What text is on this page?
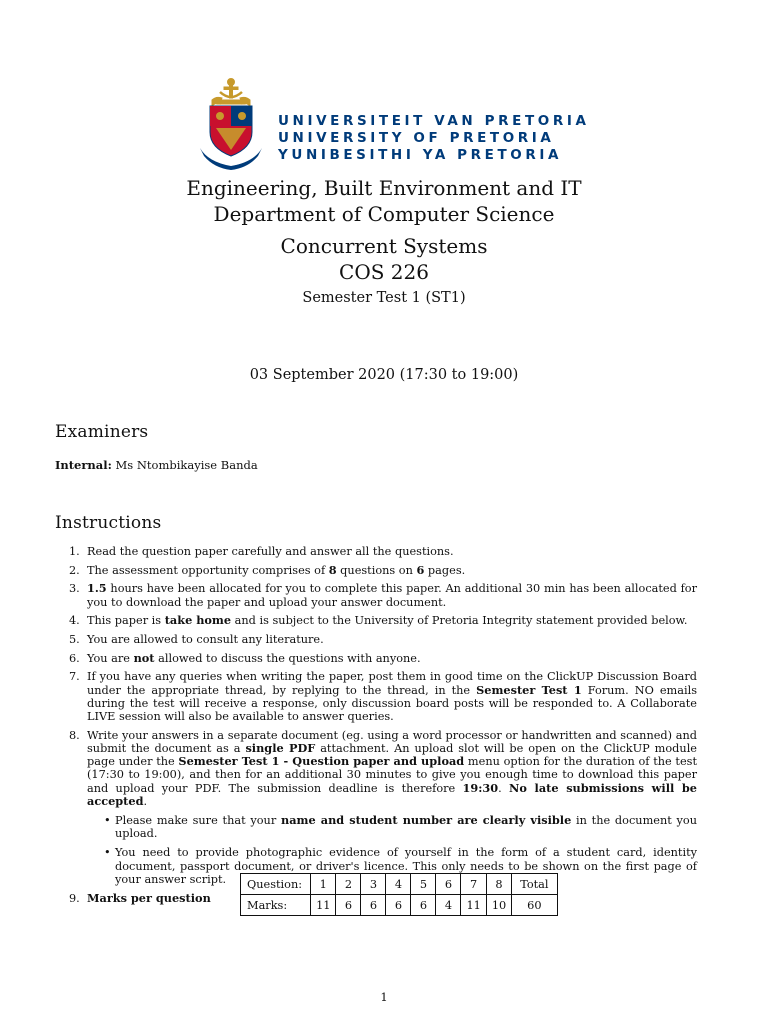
UNIVERSITEIT VAN PRETORIA
UNIVERSITY OF PRETORIA
YUNIBESITHI YA PRETORIA
Engineering, Built Environment and IT
Department of Computer Science
Concurrent Systems
COS 226
Semester Test 1 (ST1)
03 September 2020 (17:30 to 19:00)
Examiners
Internal: Ms Ntombikayise Banda
Instructions
1. Read the question paper carefully and answer all the questions.
2. The assessment opportunity comprises of 8 questions on 6 pages.
3. 1.5 hours have been allocated for you to complete this paper. An additional 30 min has been allocated for you to download the paper and upload your answer document.
4. This paper is take home and is subject to the University of Pretoria Integrity statement provided below.
5. You are allowed to consult any literature.
6. You are not allowed to discuss the questions with anyone.
7. If you have any queries when writing the paper, post them in good time on the ClickUP Discussion Board under the appropriate thread, by replying to the thread, in the Semester Test 1 Forum. NO emails during the test will receive a response, only discussion board posts will be responded to. A Collaborate LIVE session will also be available to answer queries.
8. Write your answers in a separate document (eg. using a word processor or handwritten and scanned) and submit the document as a single PDF attachment. An upload slot will be open on the ClickUP module page under the Semester Test 1 - Question paper and upload menu option for the duration of the test (17:30 to 19:00), and then for an additional 30 minutes to give you enough time to download this paper and upload your PDF. The submission deadline is therefore 19:30. No late submissions will be accepted.
• Please make sure that your name and student number are clearly visible in the document you upload.
• You need to provide photographic evidence of yourself in the form of a student card, identity document, passport document, or driver's licence. This only needs to be shown on the first page of your answer script.
9. Marks per question
Question:	1	2	3	4	5	6	7	8	Total
Marks:	11	6	6	6	6	4	11	10	60
1
